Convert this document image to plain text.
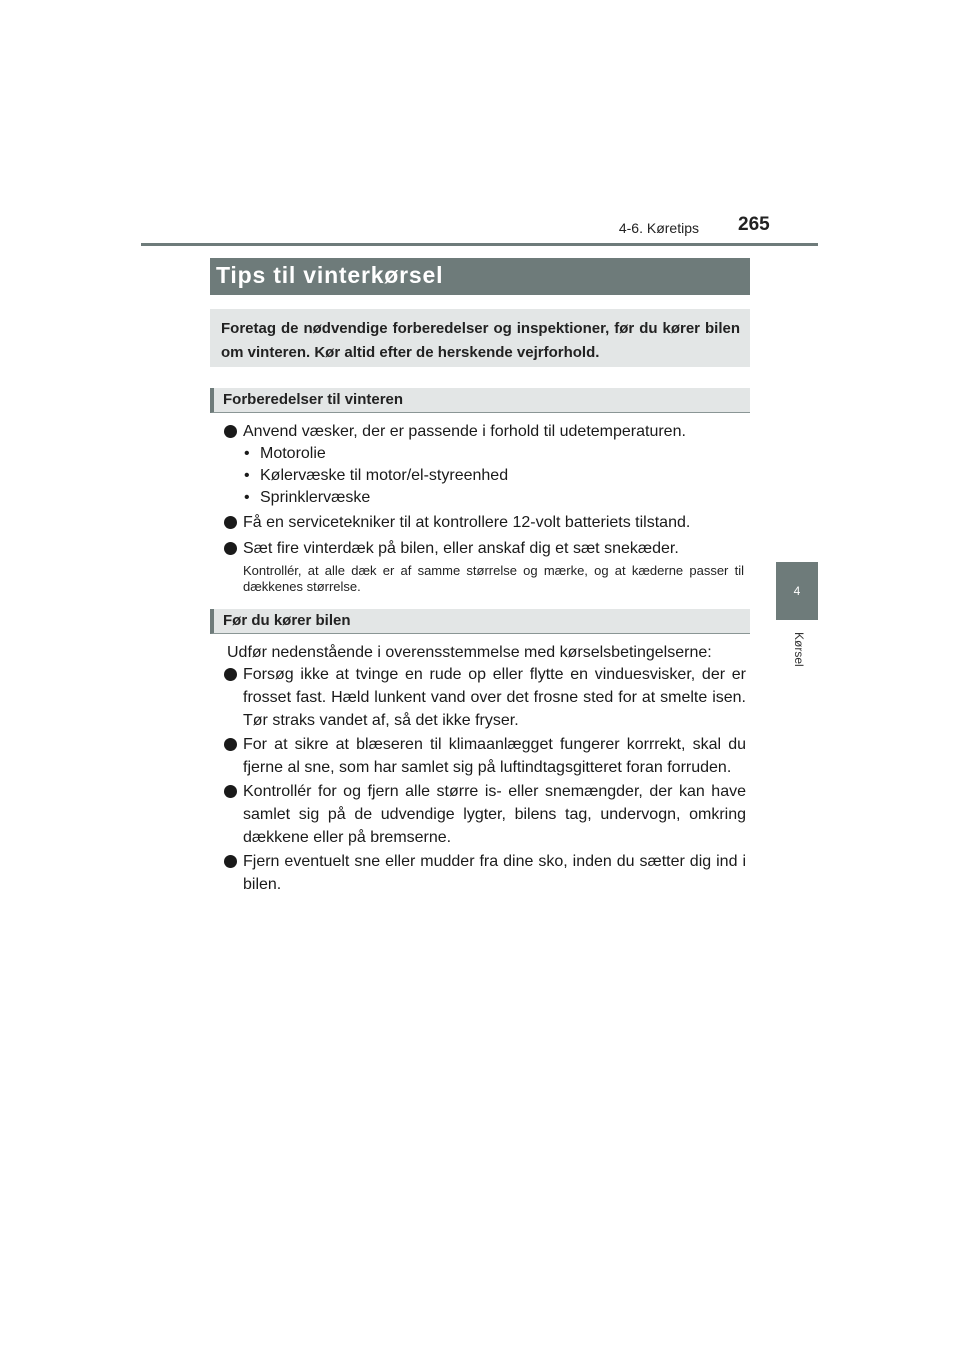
4-6. Køretips 265
4
Kørsel
Tips til vinterkørsel
Foretag de nødvendige forberedelser og inspektioner, før du kører bilen om vinteren. Kør altid efter de herskende vejrforhold.
Forberedelser til vinteren
Anvend væsker, der er passende i forhold til udetemperaturen.
• Motorolie
• Kølervæske til motor/el-styreenhed
• Sprinklervæske
Få en servicetekniker til at kontrollere 12-volt batteriets tilstand.
Sæt fire vinterdæk på bilen, eller anskaf dig et sæt snekæder.
Kontrollér, at alle dæk er af samme størrelse og mærke, og at kæderne passer til dækkenes størrelse.
Før du kører bilen
Udfør nedenstående i overensstemmelse med kørselsbetingelserne:
Forsøg ikke at tvinge en rude op eller flytte en vinduesvisker, der er frosset fast. Hæld lunkent vand over det frosne sted for at smelte isen. Tør straks vandet af, så det ikke fryser.
For at sikre at blæseren til klimaanlægget fungerer korrrekt, skal du fjerne al sne, som har samlet sig på luftindtagsgitteret foran forruden.
Kontrollér for og fjern alle større is- eller snemængder, der kan have samlet sig på de udvendige lygter, bilens tag, undervogn, omkring dækkene eller på bremserne.
Fjern eventuelt sne eller mudder fra dine sko, inden du sætter dig ind i bilen.
